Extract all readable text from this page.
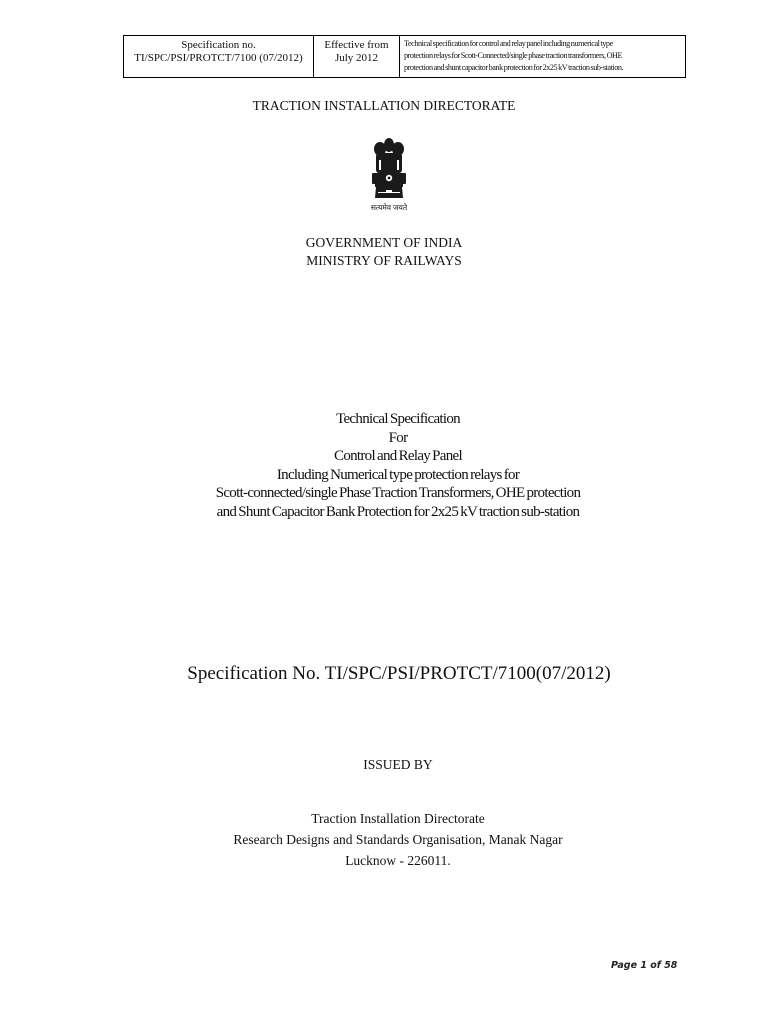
Specification no.
TI/SPC/PSI/PROTCT/7100 (07/2012)
Effective from
July 2012
Technical specification for control and relay panel including numerical type
protection relays for Scott-Connected/single phase traction transformers, OHE
protection and shunt capacitor bank protection for 2x25 kV traction sub-station.
TRACTION INSTALLATION DIRECTORATE
सत्यमेव जयते
GOVERNMENT OF INDIA
MINISTRY OF RAILWAYS
Technical Specification
For
Control and Relay Panel
Including Numerical type protection relays for
Scott-connected/single Phase Traction Transformers, OHE protection
and Shunt Capacitor Bank Protection for 2x25 kV traction sub-station
Specification No. TI/SPC/PSI/PROTCT/7100(07/2012)
ISSUED BY
Traction Installation Directorate
Research Designs and Standards Organisation, Manak Nagar
Lucknow - 226011.
Page 1 of 58
